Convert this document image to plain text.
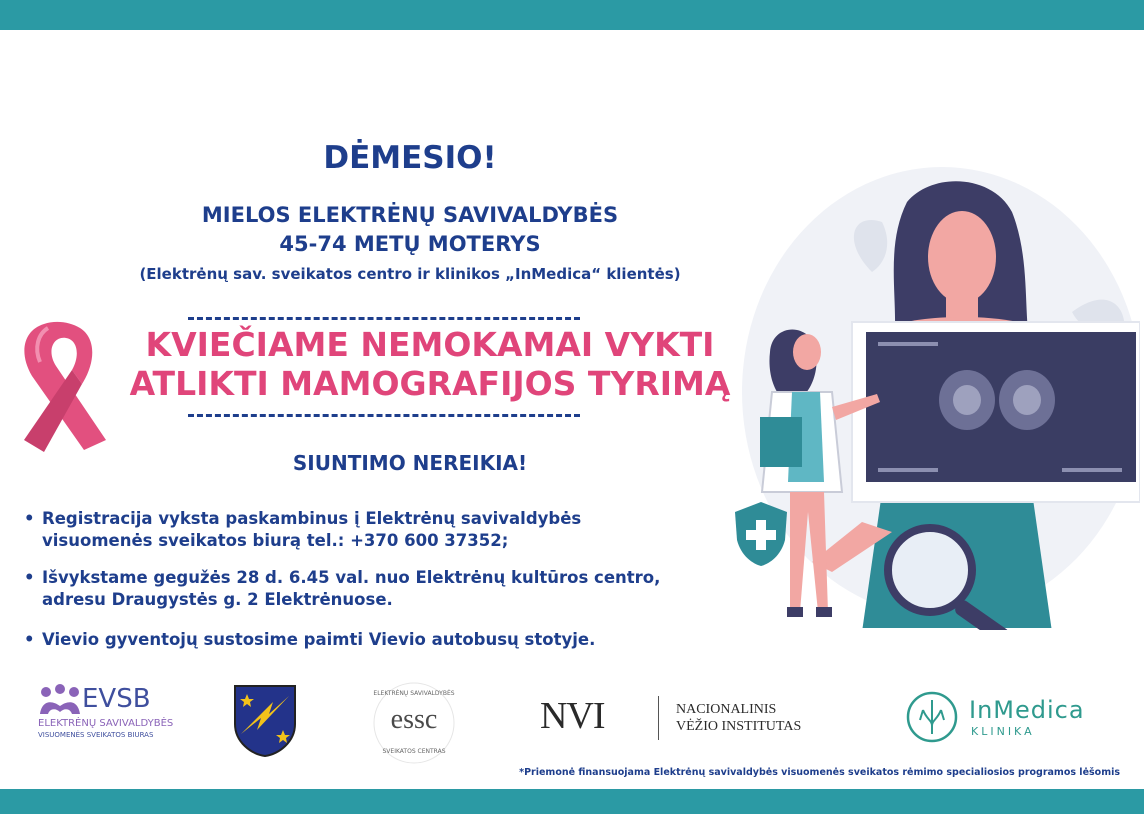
DĖMESIO!
MIELOS ELEKTRĖNŲ SAVIVALDYBĖS
45-74 METŲ MOTERYS
(Elektrėnų sav. sveikatos centro ir klinikos „InMedica“ klientės)
KVIEČIAME NEMOKAMAI VYKTI
ATLIKTI MAMOGRAFIJOS TYRIMĄ
SIUNTIMO NEREIKIA!
• Registracija vyksta paskambinus į Elektrėnų savivaldybės
visuomenės sveikatos biurą tel.: +370 600 37352;
• Išvykstame gegužės 28 d. 6.45 val. nuo Elektrėnų kultūros centro,
adresu Draugystės g. 2 Elektrėnuose.
• Vievio gyventojų sustosime paimti Vievio autobusų stotyje.
EVSB
ELEKTRĖNŲ SAVIVALDYBĖS
VISUOMENĖS SVEIKATOS BIURAS
ELEKTRĖNŲ SAVIVALDYBĖS
essc
SVEIKATOS CENTRAS
NVI	NACIONALINIS
VĖŽIO INSTITUTAS
InMedica
KLINIKA
*Priemonė finansuojama Elektrėnų savivaldybės visuomenės sveikatos rėmimo specialiosios programos lėšomis
